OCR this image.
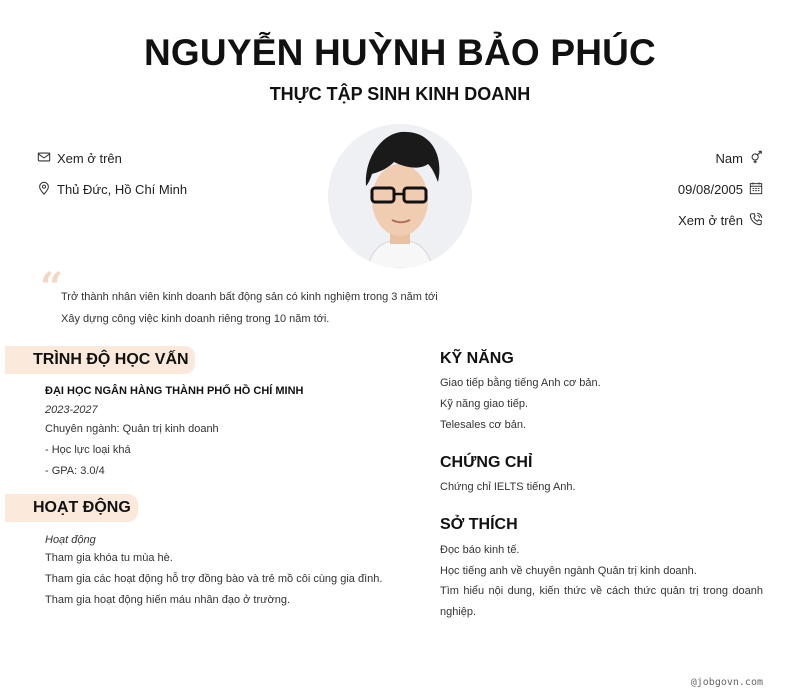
NGUYỄN HUỲNH BẢO PHÚC
THỰC TẬP SINH KINH DOANH
Xem ở trên
Thủ Đức, Hồ Chí Minh
Nam
09/08/2005
Xem ở trên
“
Trở thành nhân viên kinh doanh bất động sản có kinh nghiệm trong 3 năm tới
Xây dựng công việc kinh doanh riêng trong 10 năm tới.
TRÌNH ĐỘ HỌC VẤN
ĐẠI HỌC NGÂN HÀNG THÀNH PHỐ HỒ CHÍ MINH
2023-2027
Chuyên ngành: Quản trị kinh doanh
- Học lực loại khá
- GPA: 3.0/4
HOẠT ĐỘNG
Hoạt động
Tham gia khóa tu mùa hè.
Tham gia các hoạt động hỗ trợ đồng bào và trẻ mồ côi cùng gia đình.
Tham gia hoạt động hiến máu nhân đạo ở trường.
KỸ NĂNG
Giao tiếp bằng tiếng Anh cơ bản.
Kỹ năng giao tiếp.
Telesales cơ bản.
CHỨNG CHỈ
Chứng chỉ IELTS tiếng Anh.
SỞ THÍCH
Đọc báo kinh tế.
Học tiếng anh về chuyên ngành Quản trị kinh doanh.
Tìm hiểu nội dung, kiến thức về cách thức quản trị trong doanh nghiệp.
@jobgovn.com
